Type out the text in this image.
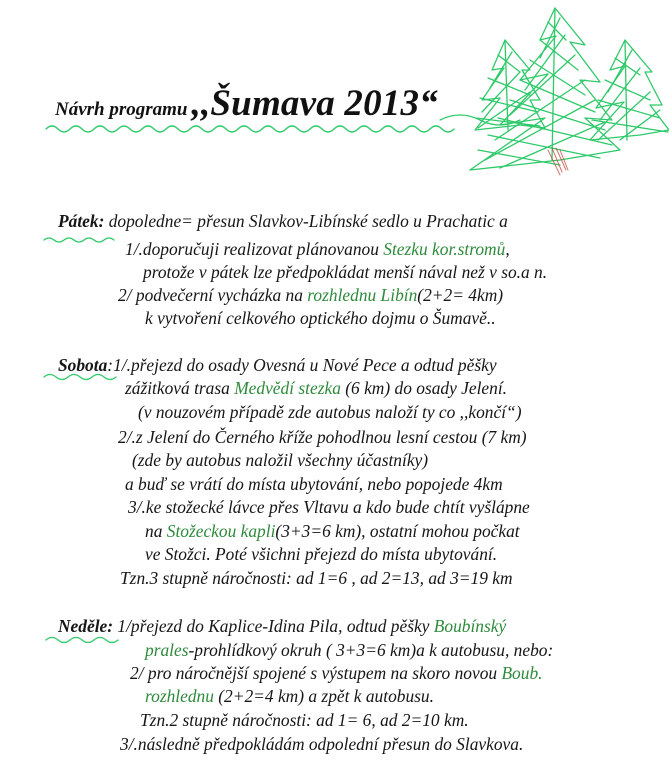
Návrh programu ,,Šumava 2013“
Pátek: dopoledne= přesun Slavkov-Libínské sedlo u Prachatic a
1/.doporučuji realizovat plánovanou Stezku kor.stromů,
protože v pátek lze předpokládat menší nával než v so.a n.
2/ podvečerní vycházka na rozhlednu Libín(2+2= 4km)
k vytvoření celkového optického dojmu o Šumavě..
Sobota:1/.přejezd do osady Ovesná u Nové Pece a odtud pěšky
zážitková trasa Medvědí stezka (6 km) do osady Jelení.
(v nouzovém případě zde autobus naloží ty co ,,končí“)
2/.z Jelení do Černého kříže pohodlnou lesní cestou (7 km)
(zde by autobus naložil všechny účastníky)
a buď se vrátí do místa ubytování, nebo popojede 4km
3/.ke stožecké lávce přes Vltavu a kdo bude chtít vyšlápne
na Stožeckou kapli(3+3=6 km), ostatní mohou počkat
ve Stožci. Poté všichni přejezd do místa ubytování.
Tzn.3 stupně náročnosti: ad 1=6 , ad 2=13, ad 3=19 km
Neděle: 1/přejezd do Kaplice-Idina Pila, odtud pěšky Boubínský
prales-prohlídkový okruh ( 3+3=6 km)a k autobusu, nebo:
2/ pro náročnější spojené s výstupem na skoro novou Boub.
rozhlednu (2+2=4 km) a zpět k autobusu.
Tzn.2 stupně náročnosti: ad 1= 6, ad 2=10 km.
3/.následně předpokládám odpolední přesun do Slavkova.
